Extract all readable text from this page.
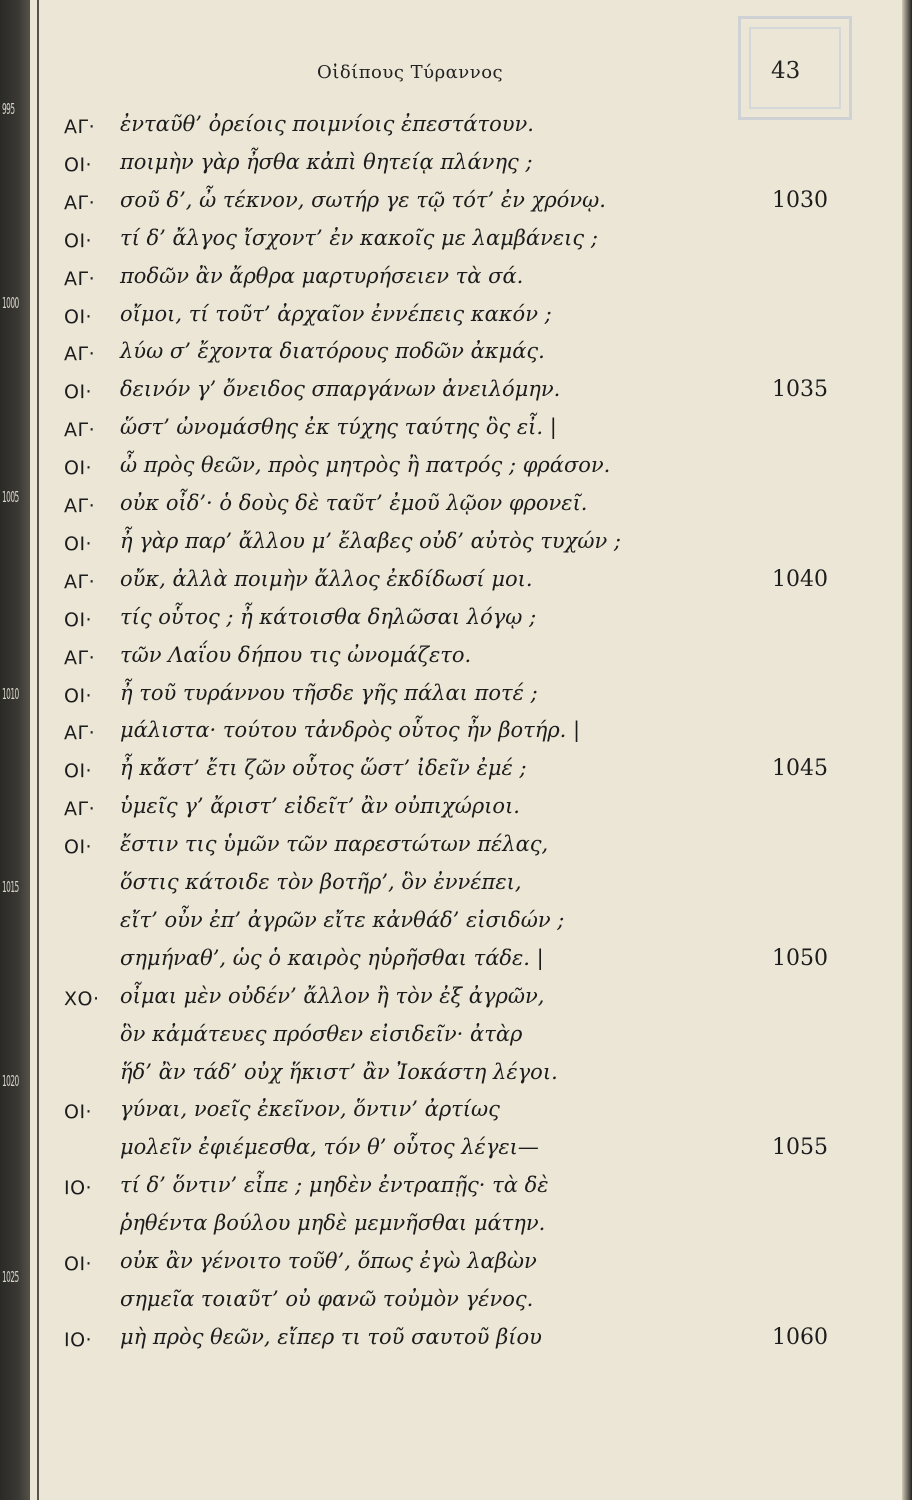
995
1000
1005
1010
1015
1020
1025
Οἰδίπους Τύραννος	43
ΑΓ· ἐνταῦθ’ ὀρείοις ποιμνίοις ἐπεστάτουν.
ΟΙ· ποιμὴν γὰρ ἦσθα κἀπὶ θητείᾳ πλάνης ;
ΑΓ· σοῦ δ’, ὦ τέκνον, σωτήρ γε τῷ τότ’ ἐν χρόνῳ.	1030
ΟΙ· τί δ’ ἄλγος ἴσχοντ’ ἐν κακοῖς με λαμβάνεις ;
ΑΓ· ποδῶν ἂν ἄρθρα μαρτυρήσειεν τὰ σά.
ΟΙ· οἴμοι, τί τοῦτ’ ἀρχαῖον ἐννέπεις κακόν ;
ΑΓ· λύω σ’ ἔχοντα διατόρους ποδῶν ἀκμάς.
ΟΙ· δεινόν γ’ ὄνειδος σπαργάνων ἀνειλόμην.	1035
ΑΓ· ὥστ’ ὠνομάσθης ἐκ τύχης ταύτης ὃς εἶ. |
ΟΙ· ὦ πρὸς θεῶν, πρὸς μητρὸς ἢ πατρός ; φράσον.
ΑΓ· οὐκ οἶδ’· ὁ δοὺς δὲ ταῦτ’ ἐμοῦ λῷον φρονεῖ.
ΟΙ· ἦ γὰρ παρ’ ἄλλου μ’ ἔλαβες οὐδ’ αὐτὸς τυχών ;
ΑΓ· οὔκ, ἀλλὰ ποιμὴν ἄλλος ἐκδίδωσί μοι.	1040
ΟΙ· τίς οὗτος ; ἦ κάτοισθα δηλῶσαι λόγῳ ;
ΑΓ· τῶν Λαΐου δήπου τις ὠνομάζετο.
ΟΙ· ἦ τοῦ τυράννου τῆσδε γῆς πάλαι ποτέ ;
ΑΓ· μάλιστα· τούτου τἀνδρὸς οὗτος ἦν βοτήρ. |
ΟΙ· ἦ κἄστ’ ἔτι ζῶν οὗτος ὥστ’ ἰδεῖν ἐμέ ;	1045
ΑΓ· ὑμεῖς γ’ ἄριστ’ εἰδεῖτ’ ἂν οὐπιχώριοι.
ΟΙ· ἔστιν τις ὑμῶν τῶν παρεστώτων πέλας,
ὅστις κάτοιδε τὸν βοτῆρ’, ὃν ἐννέπει,
εἴτ’ οὖν ἐπ’ ἀγρῶν εἴτε κἀνθάδ’ εἰσιδών ;
σημήναθ’, ὡς ὁ καιρὸς ηὑρῆσθαι τάδε. |	1050
ΧΟ· οἶμαι μὲν οὐδέν’ ἄλλον ἢ τὸν ἐξ ἀγρῶν,
ὃν κἀμάτευες πρόσθεν εἰσιδεῖν· ἀτὰρ
ἥδ’ ἂν τάδ’ οὐχ ἥκιστ’ ἂν Ἰοκάστη λέγοι.
ΟΙ· γύναι, νοεῖς ἐκεῖνον, ὅντιν’ ἀρτίως
μολεῖν ἐφιέμεσθα, τόν θ’ οὗτος λέγει—	1055
ΙΟ· τί δ’ ὅντιν’ εἶπε ; μηδὲν ἐντραπῇς· τὰ δὲ
ῥηθέντα βούλου μηδὲ μεμνῆσθαι μάτην.
ΟΙ· οὐκ ἂν γένοιτο τοῦθ’, ὅπως ἐγὼ λαβὼν
σημεῖα τοιαῦτ’ οὐ φανῶ τοὐμὸν γένος.
ΙΟ· μὴ πρὸς θεῶν, εἴπερ τι τοῦ σαυτοῦ βίου	1060
